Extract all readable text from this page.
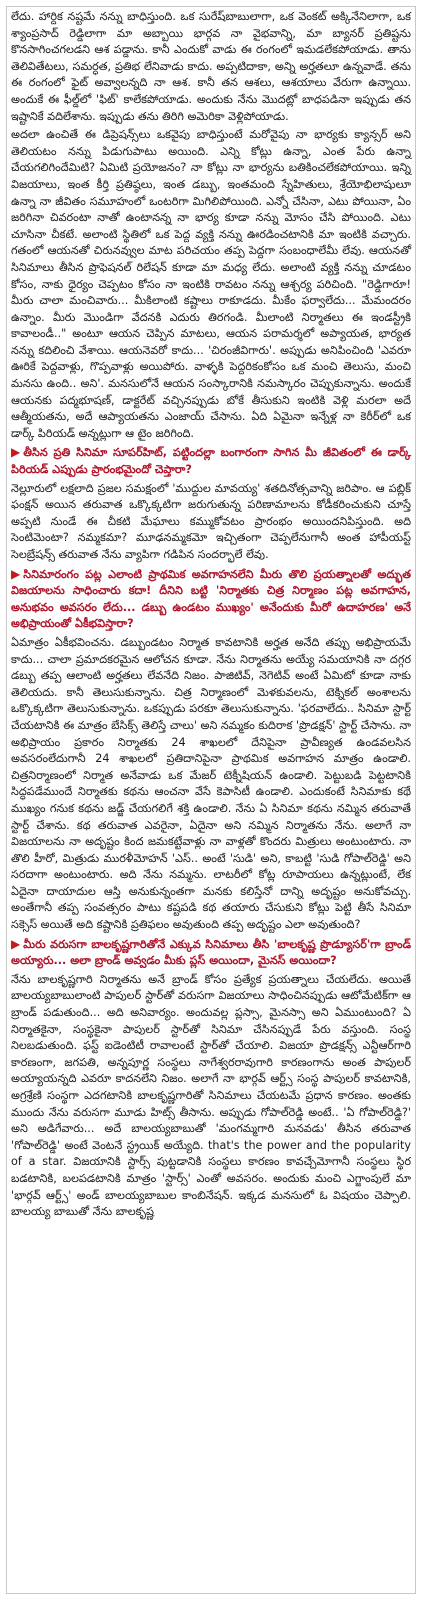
లేదు. హార్దిక నష్టమే నన్ను బాధిస్తుంది. ఒక సురేష్‌బాబులాగా, ఒక వెంకట్ అక్కినేనిలాగా, ఒక శ్యాంప్రసాద్ రెడ్డిలాగా మా అబ్బాయి భార్గవ నా వైభవాన్ని, మా బ్యానర్ ప్రతిష్టను కొనసాగించగలడని ఆశ పడ్డాను. కానీ ఎందుకో వాడు ఈ రంగంలో ఇమడలేకపోయాడు. తాను తెలివితేటలు, సమర్ధత, ప్రతిభ లేనివాడు కాదు. అప్పటిదాకా, అన్ని అర్హతలూ ఉన్నవాడే. తను ఈ రంగంలో ఫైట్ అవ్వాలన్నది నా ఆశ. కానీ తన ఆశలు, ఆశయాలు వేరుగా ఉన్నాయి. అందుకే ఈ ఫీల్డ్‌లో 'ఫిట్' కాలేకపోయాడు. అందుకు నేను మొదట్లో బాధపడినా ఇప్పుడు తన ఇష్టానికే వదిలేశాను. ఇప్పుడు తను తిరిగి అమెరికా వెళ్లిపోయాడు.

అదలా ఉంచితే ఈ డిప్రెషన్స్‌లు ఒకవైపు బాధిస్తుంటే మరోవైపు నా భార్యకు క్యాన్సర్ అని తెలియటం నన్ను పిడుగుపాటు అయింది. ఎన్ని కోట్లు ఉన్నా, ఎంత పేరు ఉన్నా చేయగలిగిందేమిటి? ఏమిటి ప్రయోజనం? నా కోట్లు నా భార్యను బతికించలేకపోయాయి. ఇన్ని విజయాలు, ఇంత కీర్తి ప్రతిష్ఠలు, ఇంత డబ్బు, ఇంతమంది స్నేహితులు, శ్రేయోభిలాషులూ ఉన్నా నా జీవితం సమూహంలో ఒంటరిగా మిగిలిపోయింది. ఎన్నో చేసినా, ఎటు పోయినా, ఏం జరిగినా చివరంటా నాతో ఉంటానన్న నా భార్య కూడా నన్ను మోసం చేసి పోయింది. ఎటు చూసినా చీకటే. అలాంటి స్థితిలో ఒక పెద్ద వ్యక్తి నన్ను ఊరడించటానికి మా ఇంటికి వచ్చారు. గతంలో ఆయనతో చిరునవ్వుల మాట పరిచయం తప్ప పెద్దగా సంబంధాలేమీ లేవు. ఆయనతో సినిమాలు తీసిన ప్రొఫెషనల్ రిలేషన్ కూడా మా మధ్య లేదు. అలాంటి వ్యక్తి నన్ను చూడటం కోసం, నాకు ధైర్యం చెప్పటం కోసం నా ఇంటికి రావటం నన్ను ఆశ్చర్య పరిచింది. "రెడ్డిగారూ! మీరు చాలా మంచివారు... మీకిలాంటి కష్టాలు రాకూడదు. మీకేం ఫర్వాలేదు... మేమందరం ఉన్నాం. మీరు మొండిగా వేదనకి ఎదురు తిరగండి. మీలాంటి నిర్మాతలు ఈ ఇండస్ట్రీకి కావాలండీ.." అంటూ ఆయన చెప్పిన మాటలు, ఆయన పరామర్శలో అప్యాయత, భార్యత నన్ను కదిలించి వేశాయి. ఆయనెవరో కాదు... 'చిరంజీవిగారు'. అప్పుడు అనిపించింది 'ఎవరూ ఊరికే పెద్దవాళ్లు, గొప్పవాళ్లు అయిపోరు. వాళ్ళకి పెద్దరికంకోసం ఒక మంచి తెలుసు, మంచి మనసు ఉంది.. అని'. మనసులోనే ఆయన సంస్కారానికి నమస్కారం చెప్పుకున్నాను. అందుకే ఆయనకు పద్మభూషణ్, డాక్టరేట్ వచ్చినప్పుడు బోకే తీసుకుని ఇంటికి వెళ్లి మరలా అదే ఆత్మీయతను, అదే ఆప్యాయతను ఎంజాయ్ చేసాను. ఏది ఏమైనా ఇన్నేళ్ల నా కెరీర్‌లో ఒక డార్క్ పిరియడ్ అన్నట్లుగా ఆ టైం జరిగింది.

▶ తీసిన ప్రతి సినిమా సూపర్‌హిట్, పట్టిందల్లా బంగారంగా సాగిన మీ జీవితంలో ఈ డార్క్ పిరియడ్ ఎప్పుడు ప్రారంభమైందో చెప్తారా?

నెల్లూరులో లక్షలాది ప్రజల సమక్షంలో 'ముద్దుల మావయ్య' శతదినోత్సవాన్ని జరిపాం. ఆ పబ్లిక్ ఫంక్షన్ అయిన తరువాత ఒక్కొక్కటిగా జరుగుతున్న పరిణామాలను కోడీకరించుకుని చూస్తే అప్పటి నుండే ఈ చీకటి మేఘాలు కమ్ముకోవటం ప్రారంభం అయిందనిపిస్తుంది. అది సెంటిమెంటా? నమ్మకమా? మూఢనమ్మకమో ఇచ్చితంగా చెప్పలేనుగానీ అంత హాపీయస్ట్ సెలబ్రేషన్స్ తరువాత నేను వ్యాపిగా గడిపిన సందర్భాలే లేవు.

▶ సినిమారంగం పట్ల ఎలాంటి ప్రాథమిక అవగాహనలేని మీరు తొలి ప్రయత్నాలతో అద్భుత విజయాలను సాధించారు కదా! దీనిని బట్టి 'నిర్మాతకు చిత్ర నిర్మాణం పట్ల అవగాహన, అనుభవం అవసరం లేదు... డబ్బు ఉండటం ముఖ్యం' అనేందుకు మీరో ఉదాహరణ' అనే అభిప్రాయంతో ఏకీభవిస్తారా?

ఏమాత్రం ఏకీభవించను. డబ్బుండటం నిర్మాత కావటానికి అర్హత అనేది తప్పు అభిప్రాయమే కాదు... చాలా ప్రమాదకరమైన ఆలోచన కూడా. నేను నిర్మాతను అయ్యే సమయానికి నా దగ్గర డబ్బు తప్ప ఆలాంటి అర్హతలు లేవనేది నిజం. పాజిటివ్, నెగెటివ్ అంటే ఏమిటో కూడా నాకు తెలియదు. కానీ తెలుసుకున్నాను. చిత్ర నిర్మాణంలో మెళకువలను, టెక్నికల్ అంశాలను ఒక్కొక్కటిగా తెలుసుకున్నాను. ఒకప్పుడు పరకూ తెలుసుకున్నాను. 'ఫరవాలేదు.. సినిమా స్టార్ట్ చేయటానికి ఈ మాత్రం బేసిక్స్ తెలిస్తే చాలు' అని నమ్మకం కుదిరాక 'ప్రొడక్షన్' స్టార్ట్ చేసాను. నా అభిప్రాయం ప్రకారం నిర్మాతకు 24 శాఖలలో దేనిపైనా ప్రావీణ్యత ఉండవలసిన అవసరంలేదుగానీ 24 శాఖలలో ప్రతిదానిపైనా ప్రాథమిక అవగాహన మాత్రం ఉండాలి. చిత్రనిర్మాణంలో నిర్మాత అనేవాడు ఒక మేజర్ టెక్నీషియన్ ఉండాలి. పెట్టుబడి పెట్టటానికి సిద్ధపడేముందే నిర్మాతకు కథను ఆంచనా వేసే కెపాసిటీ ఉండాలి. ఎందుకంటే సినిమాకు కథే ముఖ్యం గనుక కథను జడ్జ్ చేయగలిగే శక్తి ఉండాలి. నేను ఏ సినిమా కథను నమ్మిన తరువాతే స్టార్ట్ చేశాను. కథ తరువాత ఎవరైనా, ఏదైనా అని నమ్మిన నిర్మాతను నేను. అలాగే నా విజయాలను నా అదృష్టం కింద జమకట్టేవాళ్లు నా వాళ్లతో కొందరు మిత్రులు అంటుంటారు. నా తొలి హీరో, మిత్రుడు మురళీమోహన్ 'ఎస్‌.. అంటే 'సుడి' అని, కాబట్టి 'సుడి గోపాల్‌రెడ్డి' అని సరదాగా అంటుంటారు. అది నేను నమ్మను. లాటరీలో కోట్ల రూపాయలు ఉన్నట్లుంటే, లేక ఏదైనా దాయాదుల ఆస్తి అనుకున్నంతగా మనకు కలిస్తేనో దాన్ని అదృష్టం అనుకోవచ్చు. అంతేగానీ తప్ప సంవత్సరం పాటు కష్టపడి కథ తయారు చేసుకుని కోట్లు పెట్టి తీసే సినిమా సక్సెస్ అయితే అది కష్టానికి ప్రతిఫలం అవుతుంది తప్ప అదృష్టం ఎలా అవుతుంది?

▶ మీరు వరుసగా బాలకృష్ణగారితోనే ఎక్కువ సినిమాలు తీసి 'బాలకృష్ణ ప్రొడ్యూసర్'గా బ్రాండ్ అయ్యారు... అలా బ్రాండ్ అవ్వడం మీకు ప్లస్ అయిందా, మైనస్ అయిందా?

నేను బాలకృష్ణగారి నిర్మాతను అనే బ్రాండ్ కోసం ప్రత్యేక ప్రయత్నాలు చేయలేదు. అయితే బాలయ్యబాబులాంటి పాపులర్ స్టార్‌తో వరుసగా విజయాలు సాధించినప్పుడు ఆటోమేటిక్‌గా ఆ బ్రాండ్ పడుతుంది... అది అనివార్యం. అందువల్ల ప్లస్సా, మైనస్సా అని ఏముంటుంది? ఏ నిర్మాతకైనా, సంస్థకైనా పాపులర్ స్టార్‌తో సినిమా చేసినప్పుడే పేరు వస్తుంది. సంస్థ నిలబడుతుంది. ఫస్ట్ ఐడెంటిటీ రావాలంటే స్టార్‌తో చేయాలి. విజయా ప్రొడక్షన్స్ ఎన్టీఆర్‌గారి కారణంగా, జగపతి, అన్నపూర్ణ సంస్థలు నాగేశ్వరరావుగారి కారణంగాను అంత పాపులర్ అయ్యాయన్నది ఎవరూ కాదనలేని నిజం. అలాగే నా భార్గవ్ ఆర్ట్స్ సంస్థ పాపులర్ కావటానికి, అగ్రశ్రేణి సంస్థగా ఎదగటానికి బాలకృష్ణగారితో సినిమాలు చేయటమే ప్రధాన కారణం. అంతకు ముందు నేను వరుసగా మూడు హిట్స్ తీసాను. అప్పుడు గోపాల్‌రెడ్డి అంటే.. 'ఏ గోపాల్‌రెడ్డి?' అని అడిగేవారు... అదే బాలయ్యబాబుతో 'మంగమ్మగారి మనవడు' తీసిన తరువాత 'గోపాల్‌రెడ్డి' అంటే వెంటనే స్ట్రయిక్ అయ్యేది. that's the power and the popularity of a star. విజయానికి స్టార్స్ పుట్టడానికి సంస్థలు కారణం కావచ్చేమోగానీ సంస్థలు స్థిర బడటానికి, బలపడటానికి మాత్రం 'స్టార్స్' ఎంతో అవసరం. అందుకు మంచి ఎగ్జాంపులే మా 'భార్గవ్ ఆర్ట్స్' అండ్ బాలయ్యబాబుల కాంబినేషన్. ఇక్కడ మనసులో ఓ విషయం చెప్పాలి. బాలయ్య బాబుతో నేను బాలకృష్ణ
